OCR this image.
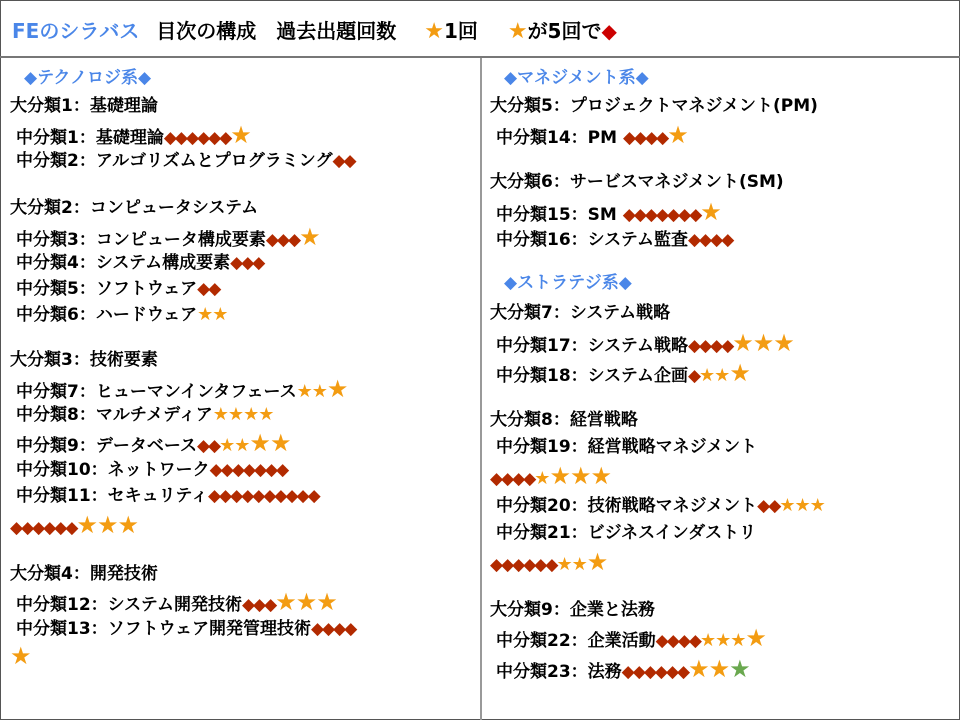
FEのシラバス 目次の構成　過去出題回数 ★1回 ★が5回で◆
◆テクノロジ系◆
大分類1：基礎理論
中分類1：基礎理論◆◆◆◆◆◆★
中分類2：アルゴリズムとプログラミング◆◆
大分類2：コンピュータシステム
中分類3：コンピュータ構成要素◆◆◆★
中分類4：システム構成要素◆◆◆
中分類5：ソフトウェア◆◆
中分類6：ハードウェア★★
大分類3：技術要素
中分類7：ヒューマンインタフェース★★★
中分類8：マルチメディア★★★★
中分類9：データベース◆◆★★★★
中分類10：ネットワーク◆◆◆◆◆◆◆
中分類11：セキュリティ◆◆◆◆◆◆◆◆◆◆
◆◆◆◆◆◆★★★
大分類4：開発技術
中分類12：システム開発技術◆◆◆★★★
中分類13：ソフトウェア開発管理技術◆◆◆◆
★
◆マネジメント系◆
大分類5：プロジェクトマネジメント(PM)
中分類14：PM ◆◆◆◆★
大分類6：サービスマネジメント(SM)
中分類15：SM ◆◆◆◆◆◆◆★
中分類16：システム監査◆◆◆◆
◆ストラテジ系◆
大分類7：システム戦略
中分類17：システム戦略◆◆◆◆★★★
中分類18：システム企画◆★★★
大分類8：経営戦略
中分類19：経営戦略マネジメント
◆◆◆◆★★★★
中分類20：技術戦略マネジメント◆◆★★★
中分類21：ビジネスインダストリ
◆◆◆◆◆◆★★★
大分類9：企業と法務
中分類22：企業活動◆◆◆◆★★★★
中分類23：法務◆◆◆◆◆◆★★★
